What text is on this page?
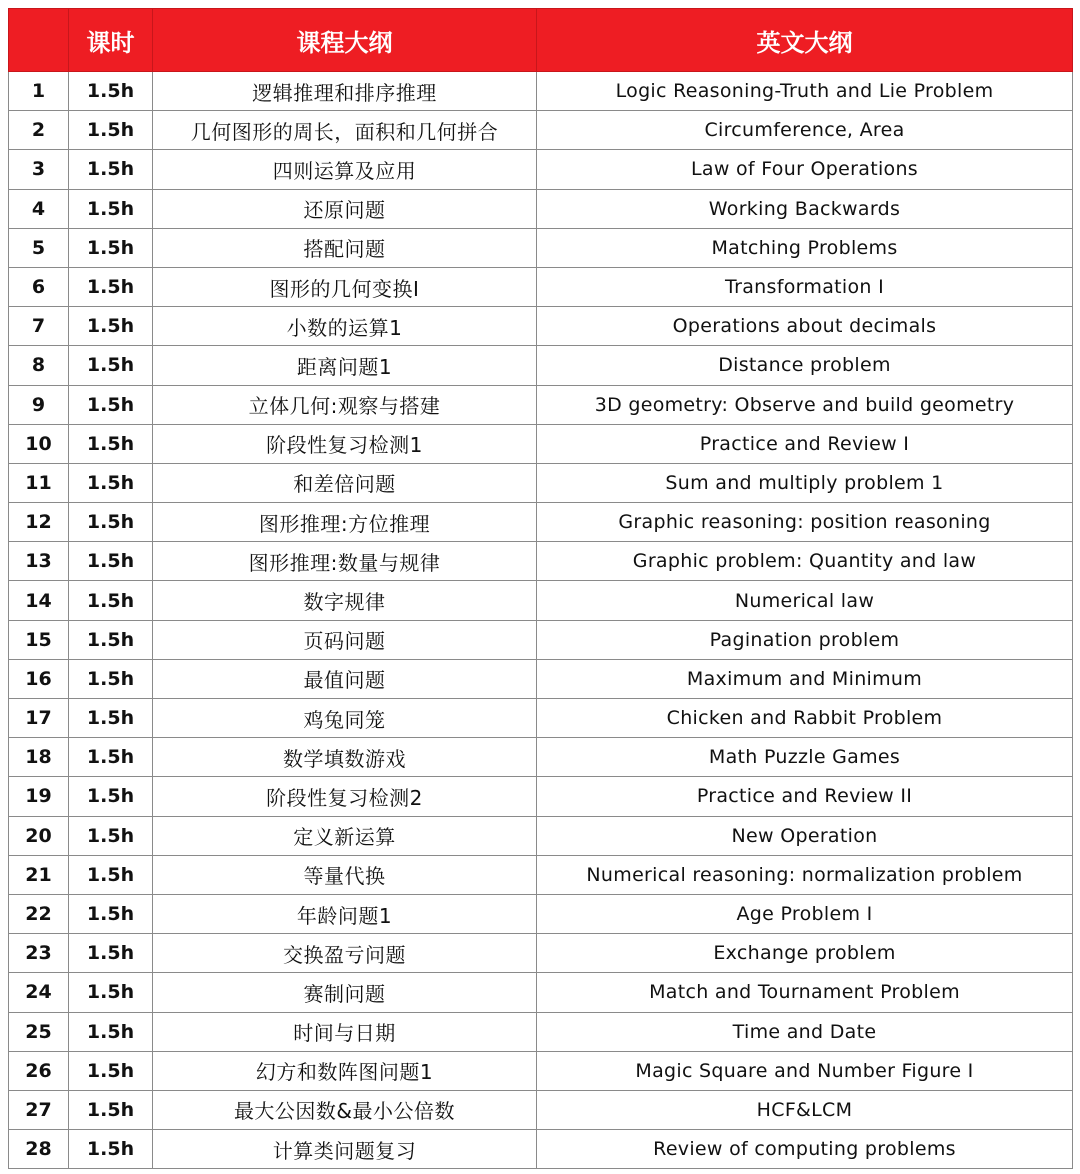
	课时	课程大纲	英文大纲
1	1.5h	逻辑推理和排序推理	Logic Reasoning-Truth and Lie Problem
2	1.5h	几何图形的周长，面积和几何拼合	Circumference, Area
3	1.5h	四则运算及应用	Law of Four Operations
4	1.5h	还原问题	Working Backwards
5	1.5h	搭配问题	Matching Problems
6	1.5h	图形的几何变换I	Transformation I
7	1.5h	小数的运算1	Operations about decimals
8	1.5h	距离问题1	Distance problem
9	1.5h	立体几何:观察与搭建	3D geometry: Observe and build geometry
10	1.5h	阶段性复习检测1	Practice and Review I
11	1.5h	和差倍问题	Sum and multiply problem 1
12	1.5h	图形推理:方位推理	Graphic reasoning: position reasoning
13	1.5h	图形推理:数量与规律	Graphic problem: Quantity and law
14	1.5h	数字规律	Numerical law
15	1.5h	页码问题	Pagination problem
16	1.5h	最值问题	Maximum and Minimum
17	1.5h	鸡兔同笼	Chicken and Rabbit Problem
18	1.5h	数学填数游戏	Math Puzzle Games
19	1.5h	阶段性复习检测2	Practice and Review II
20	1.5h	定义新运算	New Operation
21	1.5h	等量代换	Numerical reasoning: normalization problem
22	1.5h	年龄问题1	Age Problem I
23	1.5h	交换盈亏问题	Exchange problem
24	1.5h	赛制问题	Match and Tournament Problem
25	1.5h	时间与日期	Time and Date
26	1.5h	幻方和数阵图问题1	Magic Square and Number Figure I
27	1.5h	最大公因数&最小公倍数	HCF&LCM
28	1.5h	计算类问题复习	Review of computing problems
